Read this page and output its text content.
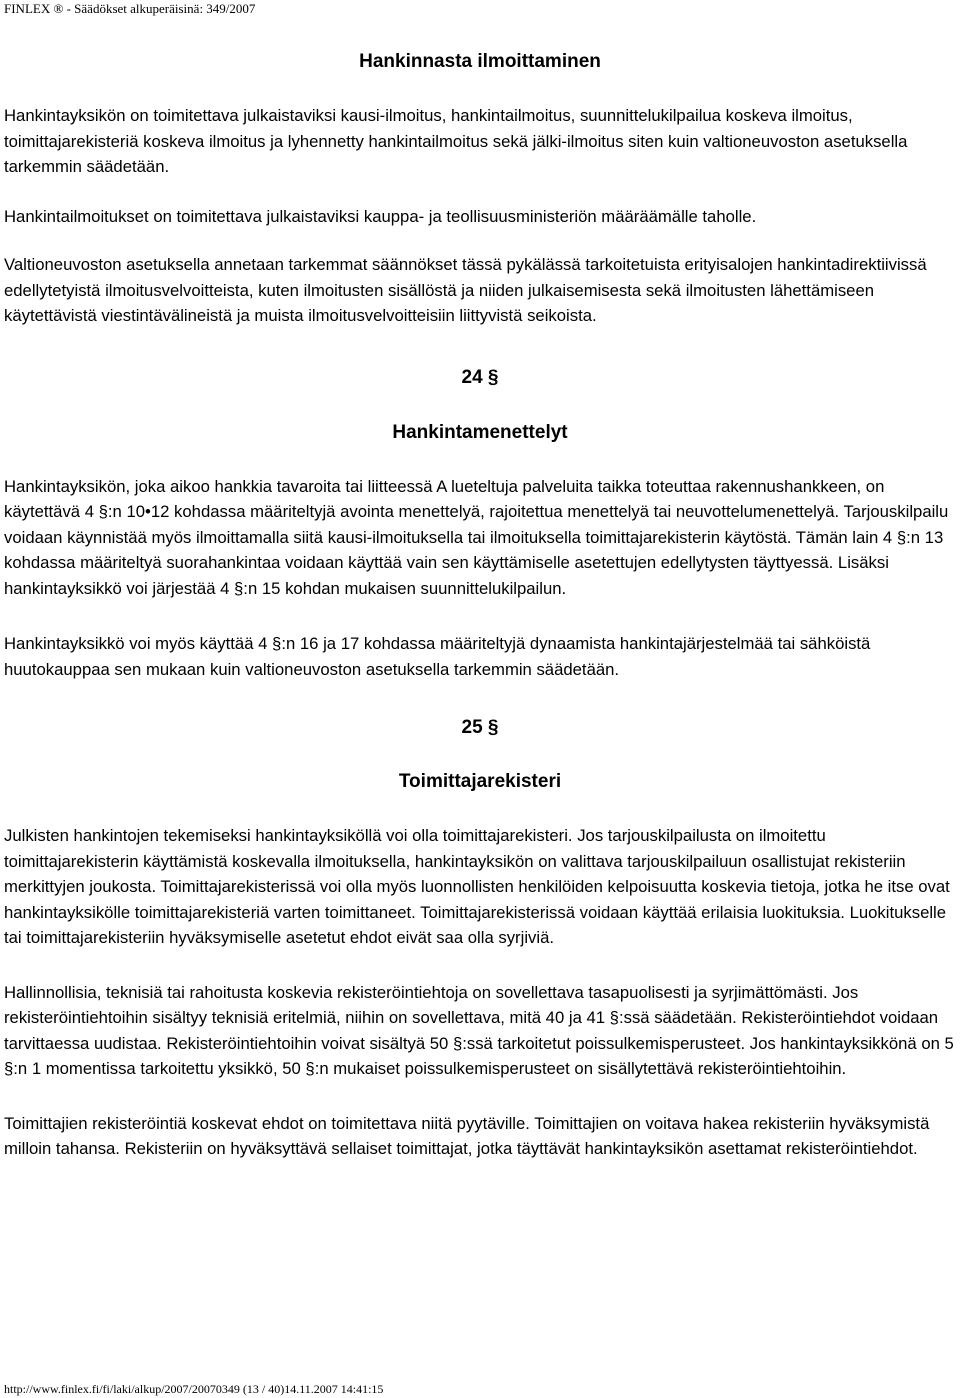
FINLEX ® - Säädökset alkuperäisinä: 349/2007
Hankinnasta ilmoittaminen

Hankintayksikön on toimitettava julkaistaviksi kausi-ilmoitus, hankintailmoitus, suunnittelukilpailua koskeva ilmoitus, toimittajarekisteriä koskeva ilmoitus ja lyhennetty hankintailmoitus sekä jälki-ilmoitus siten kuin valtioneuvoston asetuksella tarkemmin säädetään.

Hankintailmoitukset on toimitettava julkaistaviksi kauppa- ja teollisuusministeriön määräämälle taholle.

Valtioneuvoston asetuksella annetaan tarkemmat säännökset tässä pykälässä tarkoitetuista erityisalojen hankintadirektiivissä edellytetyistä ilmoitusvelvoitteista, kuten ilmoitusten sisällöstä ja niiden julkaisemisesta sekä ilmoitusten lähettämiseen käytettävistä viestintävälineistä ja muista ilmoitusvelvoitteisiin liittyvistä seikoista.

24 §
Hankintamenettelyt

Hankintayksikön, joka aikoo hankkia tavaroita tai liitteessä A lueteltuja palveluita taikka toteuttaa rakennushankkeen, on käytettävä 4 §:n 10•12 kohdassa määriteltyjä avointa menettelyä, rajoitettua menettelyä tai neuvottelumenettelyä. Tarjouskilpailu voidaan käynnistää myös ilmoittamalla siitä kausi-ilmoituksella tai ilmoituksella toimittajarekisterin käytöstä. Tämän lain 4 §:n 13 kohdassa määriteltyä suorahankintaa voidaan käyttää vain sen käyttämiselle asetettujen edellytysten täyttyessä. Lisäksi hankintayksikkö voi järjestää 4 §:n 15 kohdan mukaisen suunnittelukilpailun.

Hankintayksikkö voi myös käyttää 4 §:n 16 ja 17 kohdassa määriteltyjä dynaamista hankintajärjestelmää tai sähköistä huutokauppaa sen mukaan kuin valtioneuvoston asetuksella tarkemmin säädetään.

25 §
Toimittajarekisteri

Julkisten hankintojen tekemiseksi hankintayksiköllä voi olla toimittajarekisteri. Jos tarjouskilpailusta on ilmoitettu toimittajarekisterin käyttämistä koskevalla ilmoituksella, hankintayksikön on valittava tarjouskilpailuun osallistujat rekisteriin merkittyjen joukosta. Toimittajarekisterissä voi olla myös luonnollisten henkilöiden kelpoisuutta koskevia tietoja, jotka he itse ovat hankintayksikölle toimittajarekisteriä varten toimittaneet. Toimittajarekisterissä voidaan käyttää erilaisia luokituksia. Luokitukselle tai toimittajarekisteriin hyväksymiselle asetetut ehdot eivät saa olla syrjiviä.

Hallinnollisia, teknisiä tai rahoitusta koskevia rekisteröintiehtoja on sovellettava tasapuolisesti ja syrjimättömästi. Jos rekisteröintiehtoihin sisältyy teknisiä eritelmiä, niihin on sovellettava, mitä 40 ja 41 §:ssä säädetään. Rekisteröintiehdot voidaan tarvittaessa uudistaa. Rekisteröintiehtoihin voivat sisältyä 50 §:ssä tarkoitetut poissulkemisperusteet. Jos hankintayksikkönä on 5 §:n 1 momentissa tarkoitettu yksikkö, 50 §:n mukaiset poissulkemisperusteet on sisällytettävä rekisteröintiehtoihin.

Toimittajien rekisteröintiä koskevat ehdot on toimitettava niitä pyytäville. Toimittajien on voitava hakea rekisteriin hyväksymistä milloin tahansa. Rekisteriin on hyväksyttävä sellaiset toimittajat, jotka täyttävät hankintayksikön asettamat rekisteröintiehdot.

http://www.finlex.fi/fi/laki/alkup/2007/20070349 (13 / 40)14.11.2007 14:41:15
